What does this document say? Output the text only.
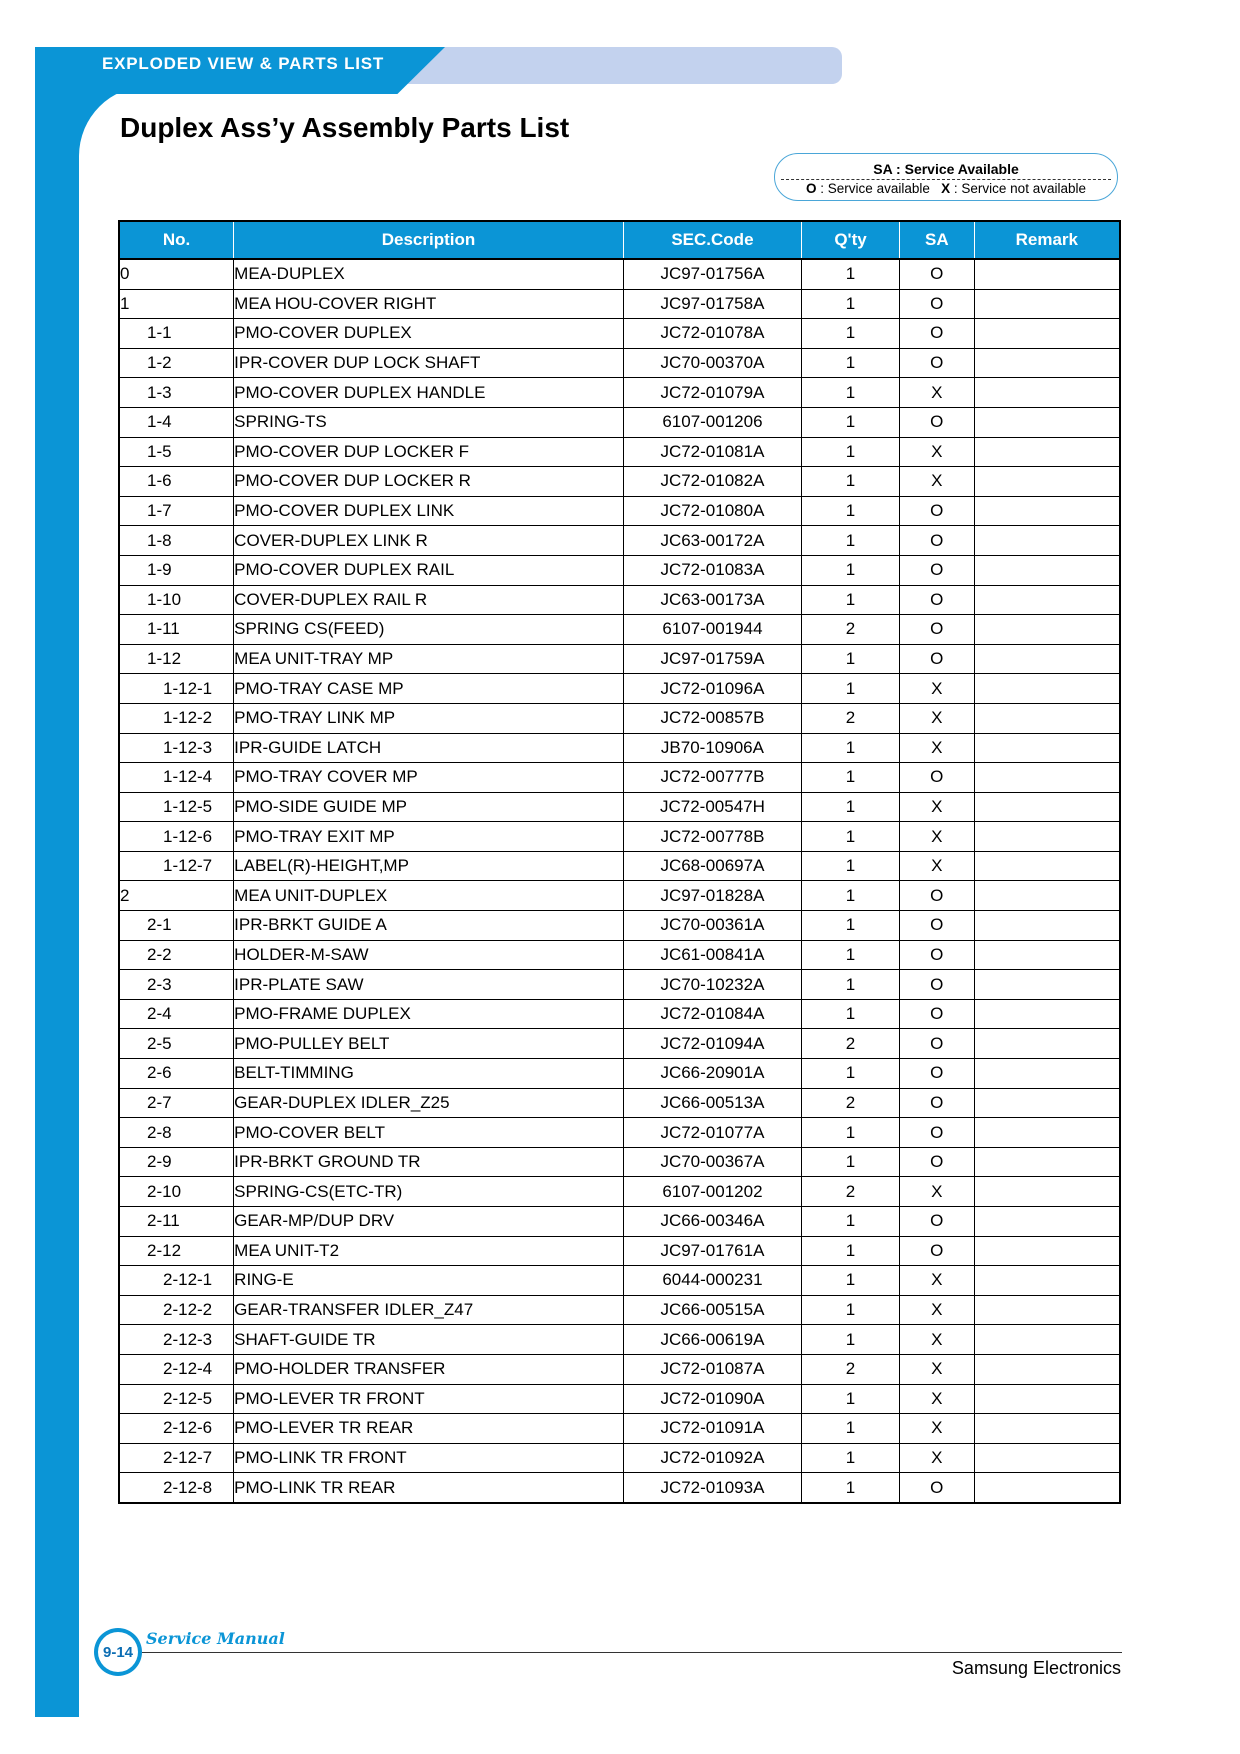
EXPLODED VIEW & PARTS LIST
Duplex Ass’y Assembly Parts List
SA : Service Available
O : Service available X : Service not available
No.	Description	SEC.Code	Q'ty	SA	Remark
0	MEA-DUPLEX	JC97-01756A	1	O	
1	MEA HOU-COVER RIGHT	JC97-01758A	1	O	
1-1	PMO-COVER DUPLEX	JC72-01078A	1	O	
1-2	IPR-COVER DUP LOCK SHAFT	JC70-00370A	1	O	
1-3	PMO-COVER DUPLEX HANDLE	JC72-01079A	1	X	
1-4	SPRING-TS	6107-001206	1	O	
1-5	PMO-COVER DUP LOCKER F	JC72-01081A	1	X	
1-6	PMO-COVER DUP LOCKER R	JC72-01082A	1	X	
1-7	PMO-COVER DUPLEX LINK	JC72-01080A	1	O	
1-8	COVER-DUPLEX LINK R	JC63-00172A	1	O	
1-9	PMO-COVER DUPLEX RAIL	JC72-01083A	1	O	
1-10	COVER-DUPLEX RAIL R	JC63-00173A	1	O	
1-11	SPRING CS(FEED)	6107-001944	2	O	
1-12	MEA UNIT-TRAY MP	JC97-01759A	1	O	
1-12-1	PMO-TRAY CASE MP	JC72-01096A	1	X	
1-12-2	PMO-TRAY LINK MP	JC72-00857B	2	X	
1-12-3	IPR-GUIDE LATCH	JB70-10906A	1	X	
1-12-4	PMO-TRAY COVER MP	JC72-00777B	1	O	
1-12-5	PMO-SIDE GUIDE MP	JC72-00547H	1	X	
1-12-6	PMO-TRAY EXIT MP	JC72-00778B	1	X	
1-12-7	LABEL(R)-HEIGHT,MP	JC68-00697A	1	X	
2	MEA UNIT-DUPLEX	JC97-01828A	1	O	
2-1	IPR-BRKT GUIDE A	JC70-00361A	1	O	
2-2	HOLDER-M-SAW	JC61-00841A	1	O	
2-3	IPR-PLATE SAW	JC70-10232A	1	O	
2-4	PMO-FRAME DUPLEX	JC72-01084A	1	O	
2-5	PMO-PULLEY BELT	JC72-01094A	2	O	
2-6	BELT-TIMMING	JC66-20901A	1	O	
2-7	GEAR-DUPLEX IDLER_Z25	JC66-00513A	2	O	
2-8	PMO-COVER BELT	JC72-01077A	1	O	
2-9	IPR-BRKT GROUND TR	JC70-00367A	1	O	
2-10	SPRING-CS(ETC-TR)	6107-001202	2	X	
2-11	GEAR-MP/DUP DRV	JC66-00346A	1	O	
2-12	MEA UNIT-T2	JC97-01761A	1	O	
2-12-1	RING-E	6044-000231	1	X	
2-12-2	GEAR-TRANSFER IDLER_Z47	JC66-00515A	1	X	
2-12-3	SHAFT-GUIDE TR	JC66-00619A	1	X	
2-12-4	PMO-HOLDER TRANSFER	JC72-01087A	2	X	
2-12-5	PMO-LEVER TR FRONT	JC72-01090A	1	X	
2-12-6	PMO-LEVER TR REAR	JC72-01091A	1	X	
2-12-7	PMO-LINK TR FRONT	JC72-01092A	1	X	
2-12-8	PMO-LINK TR REAR	JC72-01093A	1	O	
9-14
Service Manual
Samsung Electronics
